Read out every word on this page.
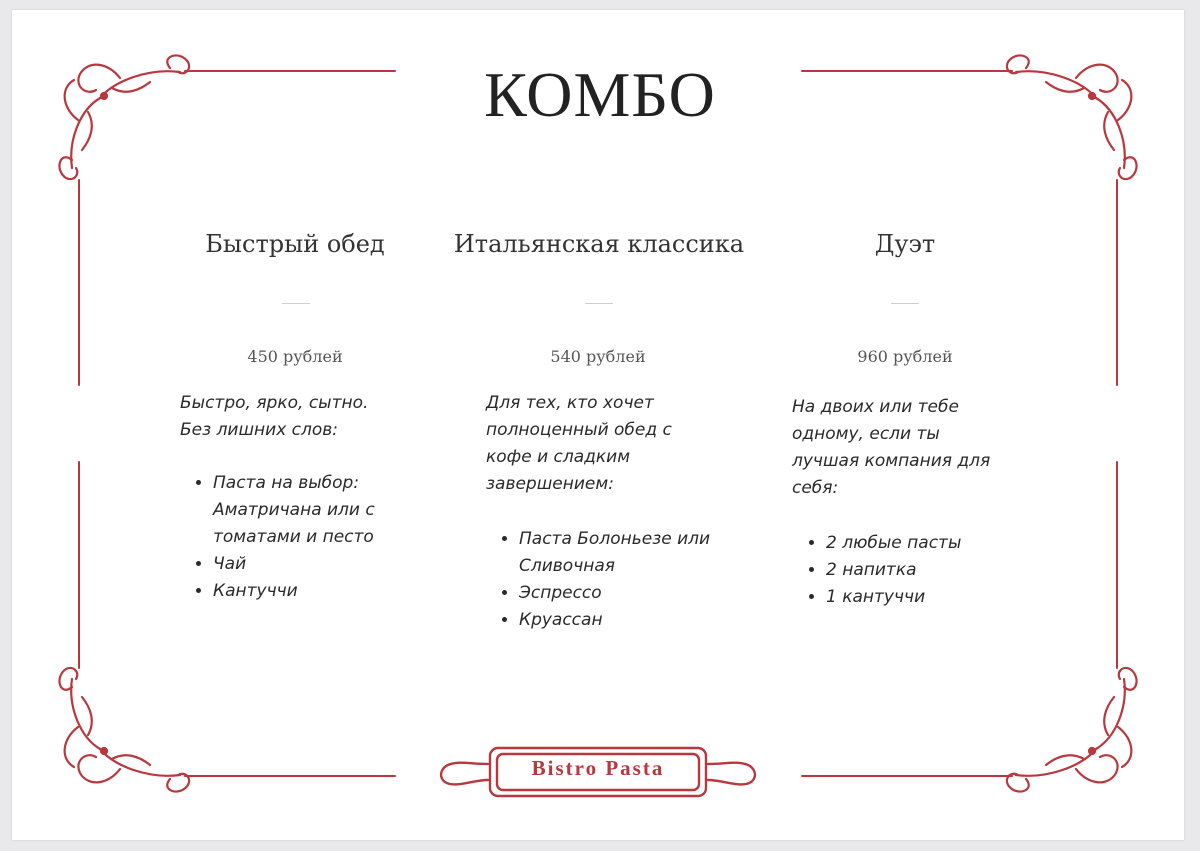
КОМБО
Быстрый обед
450 рублей

Быстро, ярко, сытно. Без лишних слов:

• Паста на выбор: Аматричана или с томатами и песто
• Чай
• Кантуччи
Итальянская классика
540 рублей

Для тех, кто хочет полноценный обед с кофе и сладким завершением:

• Паста Болоньезе или Сливочная
• Эспрессо
• Круассан
Дуэт
960 рублей

На двоих или тебе одному, если ты лучшая компания для себя:

• 2 любые пасты
• 2 напитка
• 1 кантуччи
Bistro Pasta
